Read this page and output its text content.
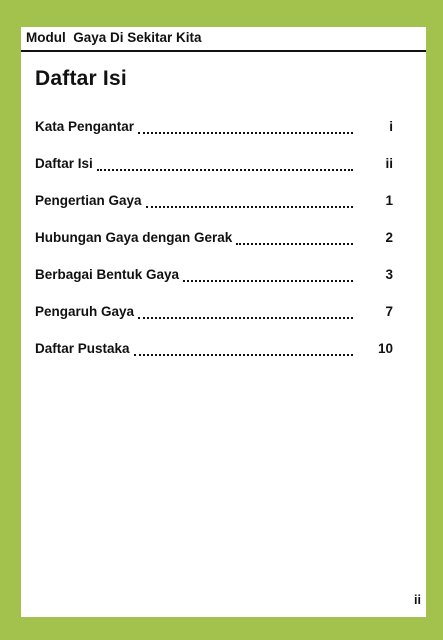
Modul  Gaya Di Sekitar Kita
Daftar Isi
Kata Pengantar	i
Daftar Isi	ii
Pengertian Gaya	1
Hubungan Gaya dengan Gerak	2
Berbagai Bentuk Gaya	3
Pengaruh Gaya	7
Daftar Pustaka	10
ii
